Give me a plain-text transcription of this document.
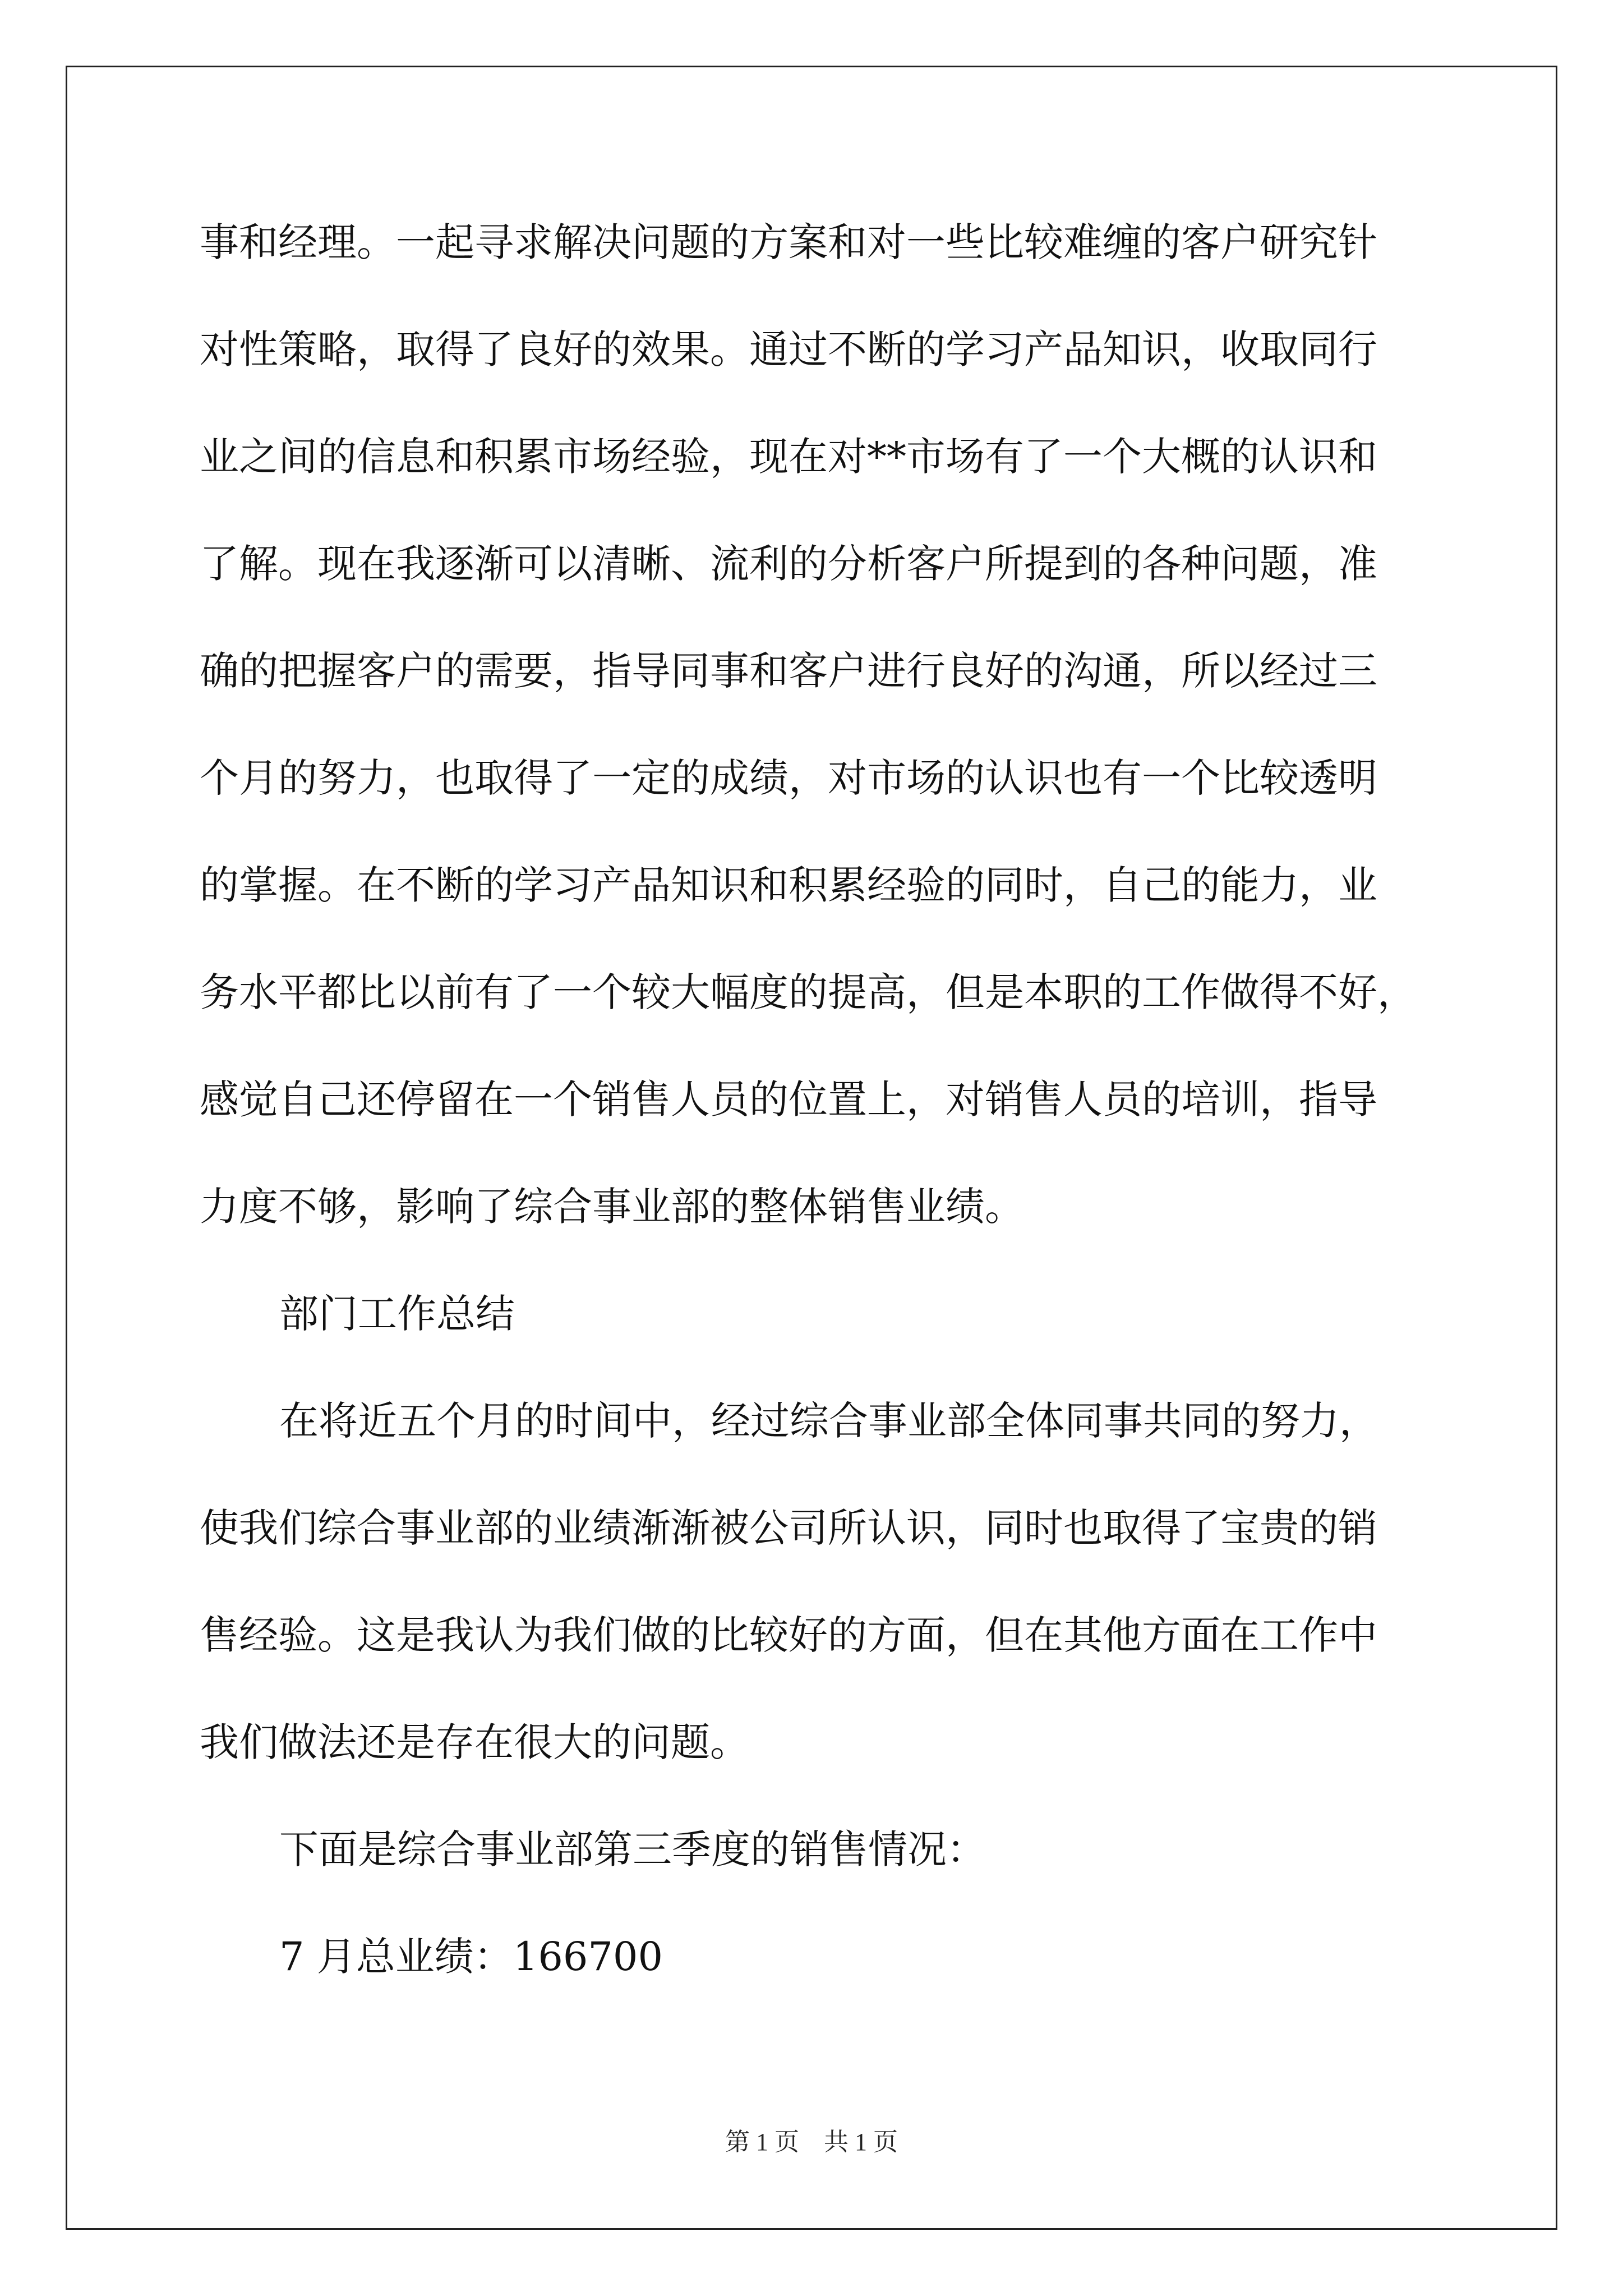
事和经理。一起寻求解决问题的方案和对一些比较难缠的客户研究针
对性策略，取得了良好的效果。通过不断的学习产品知识，收取同行
业之间的信息和积累市场经验，现在对**市场有了一个大概的认识和
了解。现在我逐渐可以清晰、流利的分析客户所提到的各种问题，准
确的把握客户的需要，指导同事和客户进行良好的沟通，所以经过三
个月的努力，也取得了一定的成绩，对市场的认识也有一个比较透明
的掌握。在不断的学习产品知识和积累经验的同时，自己的能力，业
务水平都比以前有了一个较大幅度的提高，但是本职的工作做得不好，
感觉自己还停留在一个销售人员的位置上，对销售人员的培训，指导
力度不够，影响了综合事业部的整体销售业绩。
部门工作总结
在将近五个月的时间中，经过综合事业部全体同事共同的努力，
使我们综合事业部的业绩渐渐被公司所认识，同时也取得了宝贵的销
售经验。这是我认为我们做的比较好的方面，但在其他方面在工作中
我们做法还是存在很大的问题。
下面是综合事业部第三季度的销售情况：
7 月总业绩：166700
第 1 页　共 1 页
